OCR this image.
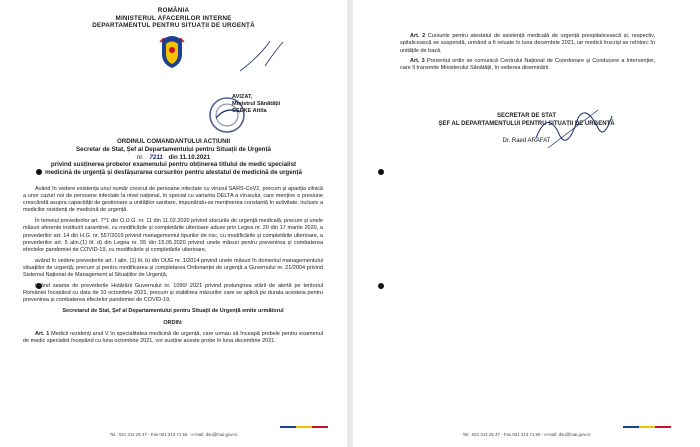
ROMÂNIA
MINISTERUL AFACERILOR INTERNE
DEPARTAMENTUL PENTRU SITUAȚII DE URGENȚĂ
AVIZAT,
Ministrul Sănătății
CSEKE Attila
ORDINUL COMANDANTULUI ACȚIUNII
Secretar de Stat, Șef al Departamentului pentru Situații de Urgență
nr. 7211 din 11.10.2021
privind susținerea probelor examenului pentru obținerea titlului de medic specialist
medicină de urgență și desfășurarea cursurilor pentru atestatul de medicină de urgență

Având în vedere existența unui număr crescut de persoane infectate cu virusul SARS-CoV2, precum și apariția zilnică a unor cazuri noi de persoane infectate la nivel național, în special cu varianta DELTA a virusului, care menține o presiune crescândă asupra capacității de gestionare a unităților sanitare, impunându-se menținerea constantă în activitate, inclusiv a medicilor rezidenți de medicină de urgență.

În temeiul prevederilor art. 7^1 din O.U.G. nr. 11 din 11.02.2020 privind stocurile de urgență medicală, precum și unele măsuri aferente instituirii carantinei, cu modificările și completările ulterioare aduse prin Legea nr. 20 din 17 martie 2020, a prevederilor art. 14 din H.G. nr. 557/2016 privind managementul tipurilor de risc, cu modificările și completările ulterioare, a prevederilor art. 5 alin.(1) lit. d) din Legea nr. 55 din 15.05.2020 privind unele măsuri pentru prevenirea și combaterea efectelor pandemiei de COVID-19, cu modificările și completările ulterioare,

având în vedere prevederile art. I alin. (1) lit. b) din OUG nr. 1/2014 privind unele măsuri în domeniul managementului situațiilor de urgență, precum și pentru modificarea și completarea Ordonanței de urgență a Guvernului nr. 21/2004 privind Sistemul Național de Management al Situațiilor de Urgență,

ținând seama de prevederile Hotărârii Guvernului nr. 1090/ 2021 privind prelungirea stării de alertă pe teritoriul României începând cu data de 10 octombrie 2021, precum și stabilirea măsurilor care se aplică pe durata acesteia pentru prevenirea și combaterea efectelor pandemiei de COVID-19,

Secretarul de Stat, Șef al Departamentului pentru Situații de Urgență emite următorul

ORDIN:

Art. 1 Medicii rezidenți anul V în specialitatea medicină de urgență, care urmau să înceapă probele pentru examenul de medic specialist începând cu luna octombrie 2021, vor susține aceste probe în luna decembrie 2021.

Tel.: 021 312 25 47 - Fax 021 313 71 55 - e-mail: dsu@mai.gov.ro

Art. 2 Cursurile pentru atestatul de asistență medicală de urgență prespitalicească și, respectiv, spitalicească se suspendă, urmând a fi reluate în luna decembrie 2021, iar medicii înscriși se reîntorc în unitățile de bază.

Art. 3 Prezentul ordin se comunică Centrului Național de Coordonare și Conducere a Intervenției, care îl transmite Ministerului Sănătății, în vederea diseminării.

SECRETAR DE STAT
ȘEF AL DEPARTAMENTULUI PENTRU SITUAȚII DE URGENȚĂ
Dr. Raed ARAFAT
Tel.: 021 312 25 47 - Fax 021 313 71 55 - e-mail: dsu@mai.gov.ro
